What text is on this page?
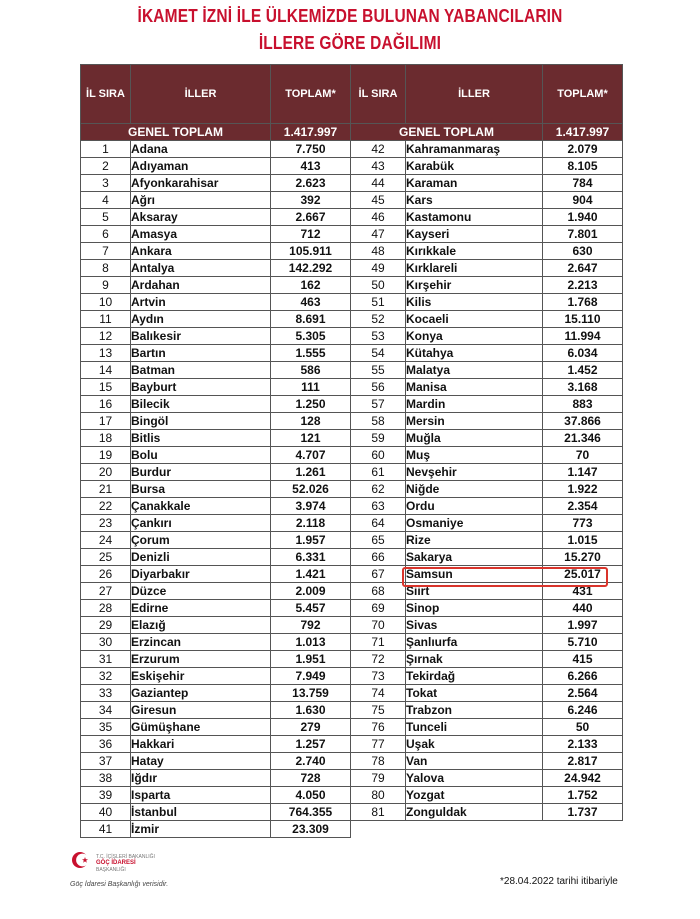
İKAMET İZNİ İLE ÜLKEMİZDE BULUNAN YABANCILARIN
İLLERE GÖRE DAĞILIMI
İL SIRA	İLLER	TOPLAM*	İL SIRA	İLLER	TOPLAM*
GENEL TOPLAM		1.417.997	GENEL TOPLAM		1.417.997
1	Adana	7.750	42	Kahramanmaraş	2.079
2	Adıyaman	413	43	Karabük	8.105
3	Afyonkarahisar	2.623	44	Karaman	784
4	Ağrı	392	45	Kars	904
5	Aksaray	2.667	46	Kastamonu	1.940
6	Amasya	712	47	Kayseri	7.801
7	Ankara	105.911	48	Kırıkkale	630
8	Antalya	142.292	49	Kırklareli	2.647
9	Ardahan	162	50	Kırşehir	2.213
10	Artvin	463	51	Kilis	1.768
11	Aydın	8.691	52	Kocaeli	15.110
12	Balıkesir	5.305	53	Konya	11.994
13	Bartın	1.555	54	Kütahya	6.034
14	Batman	586	55	Malatya	1.452
15	Bayburt	111	56	Manisa	3.168
16	Bilecik	1.250	57	Mardin	883
17	Bingöl	128	58	Mersin	37.866
18	Bitlis	121	59	Muğla	21.346
19	Bolu	4.707	60	Muş	70
20	Burdur	1.261	61	Nevşehir	1.147
21	Bursa	52.026	62	Niğde	1.922
22	Çanakkale	3.974	63	Ordu	2.354
23	Çankırı	2.118	64	Osmaniye	773
24	Çorum	1.957	65	Rize	1.015
25	Denizli	6.331	66	Sakarya	15.270
26	Diyarbakır	1.421	67	Samsun	25.017
27	Düzce	2.009	68	Siirt	431
28	Edirne	5.457	69	Sinop	440
29	Elazığ	792	70	Sivas	1.997
30	Erzincan	1.013	71	Şanlıurfa	5.710
31	Erzurum	1.951	72	Şırnak	415
32	Eskişehir	7.949	73	Tekirdağ	6.266
33	Gaziantep	13.759	74	Tokat	2.564
34	Giresun	1.630	75	Trabzon	6.246
35	Gümüşhane	279	76	Tunceli	50
36	Hakkari	1.257	77	Uşak	2.133
37	Hatay	2.740	78	Van	2.817
38	Iğdır	728	79	Yalova	24.942
39	Isparta	4.050	80	Yozgat	1.752
40	İstanbul	764.355	81	Zonguldak	1.737
41	İzmir	23.309			
T.C. İÇİŞLERİ BAKANLIĞI
GÖÇ İDARESİ
BAŞKANLIĞI
Göç İdaresi Başkanlığı verisidir.	*28.04.2022 tarihi itibariyle
